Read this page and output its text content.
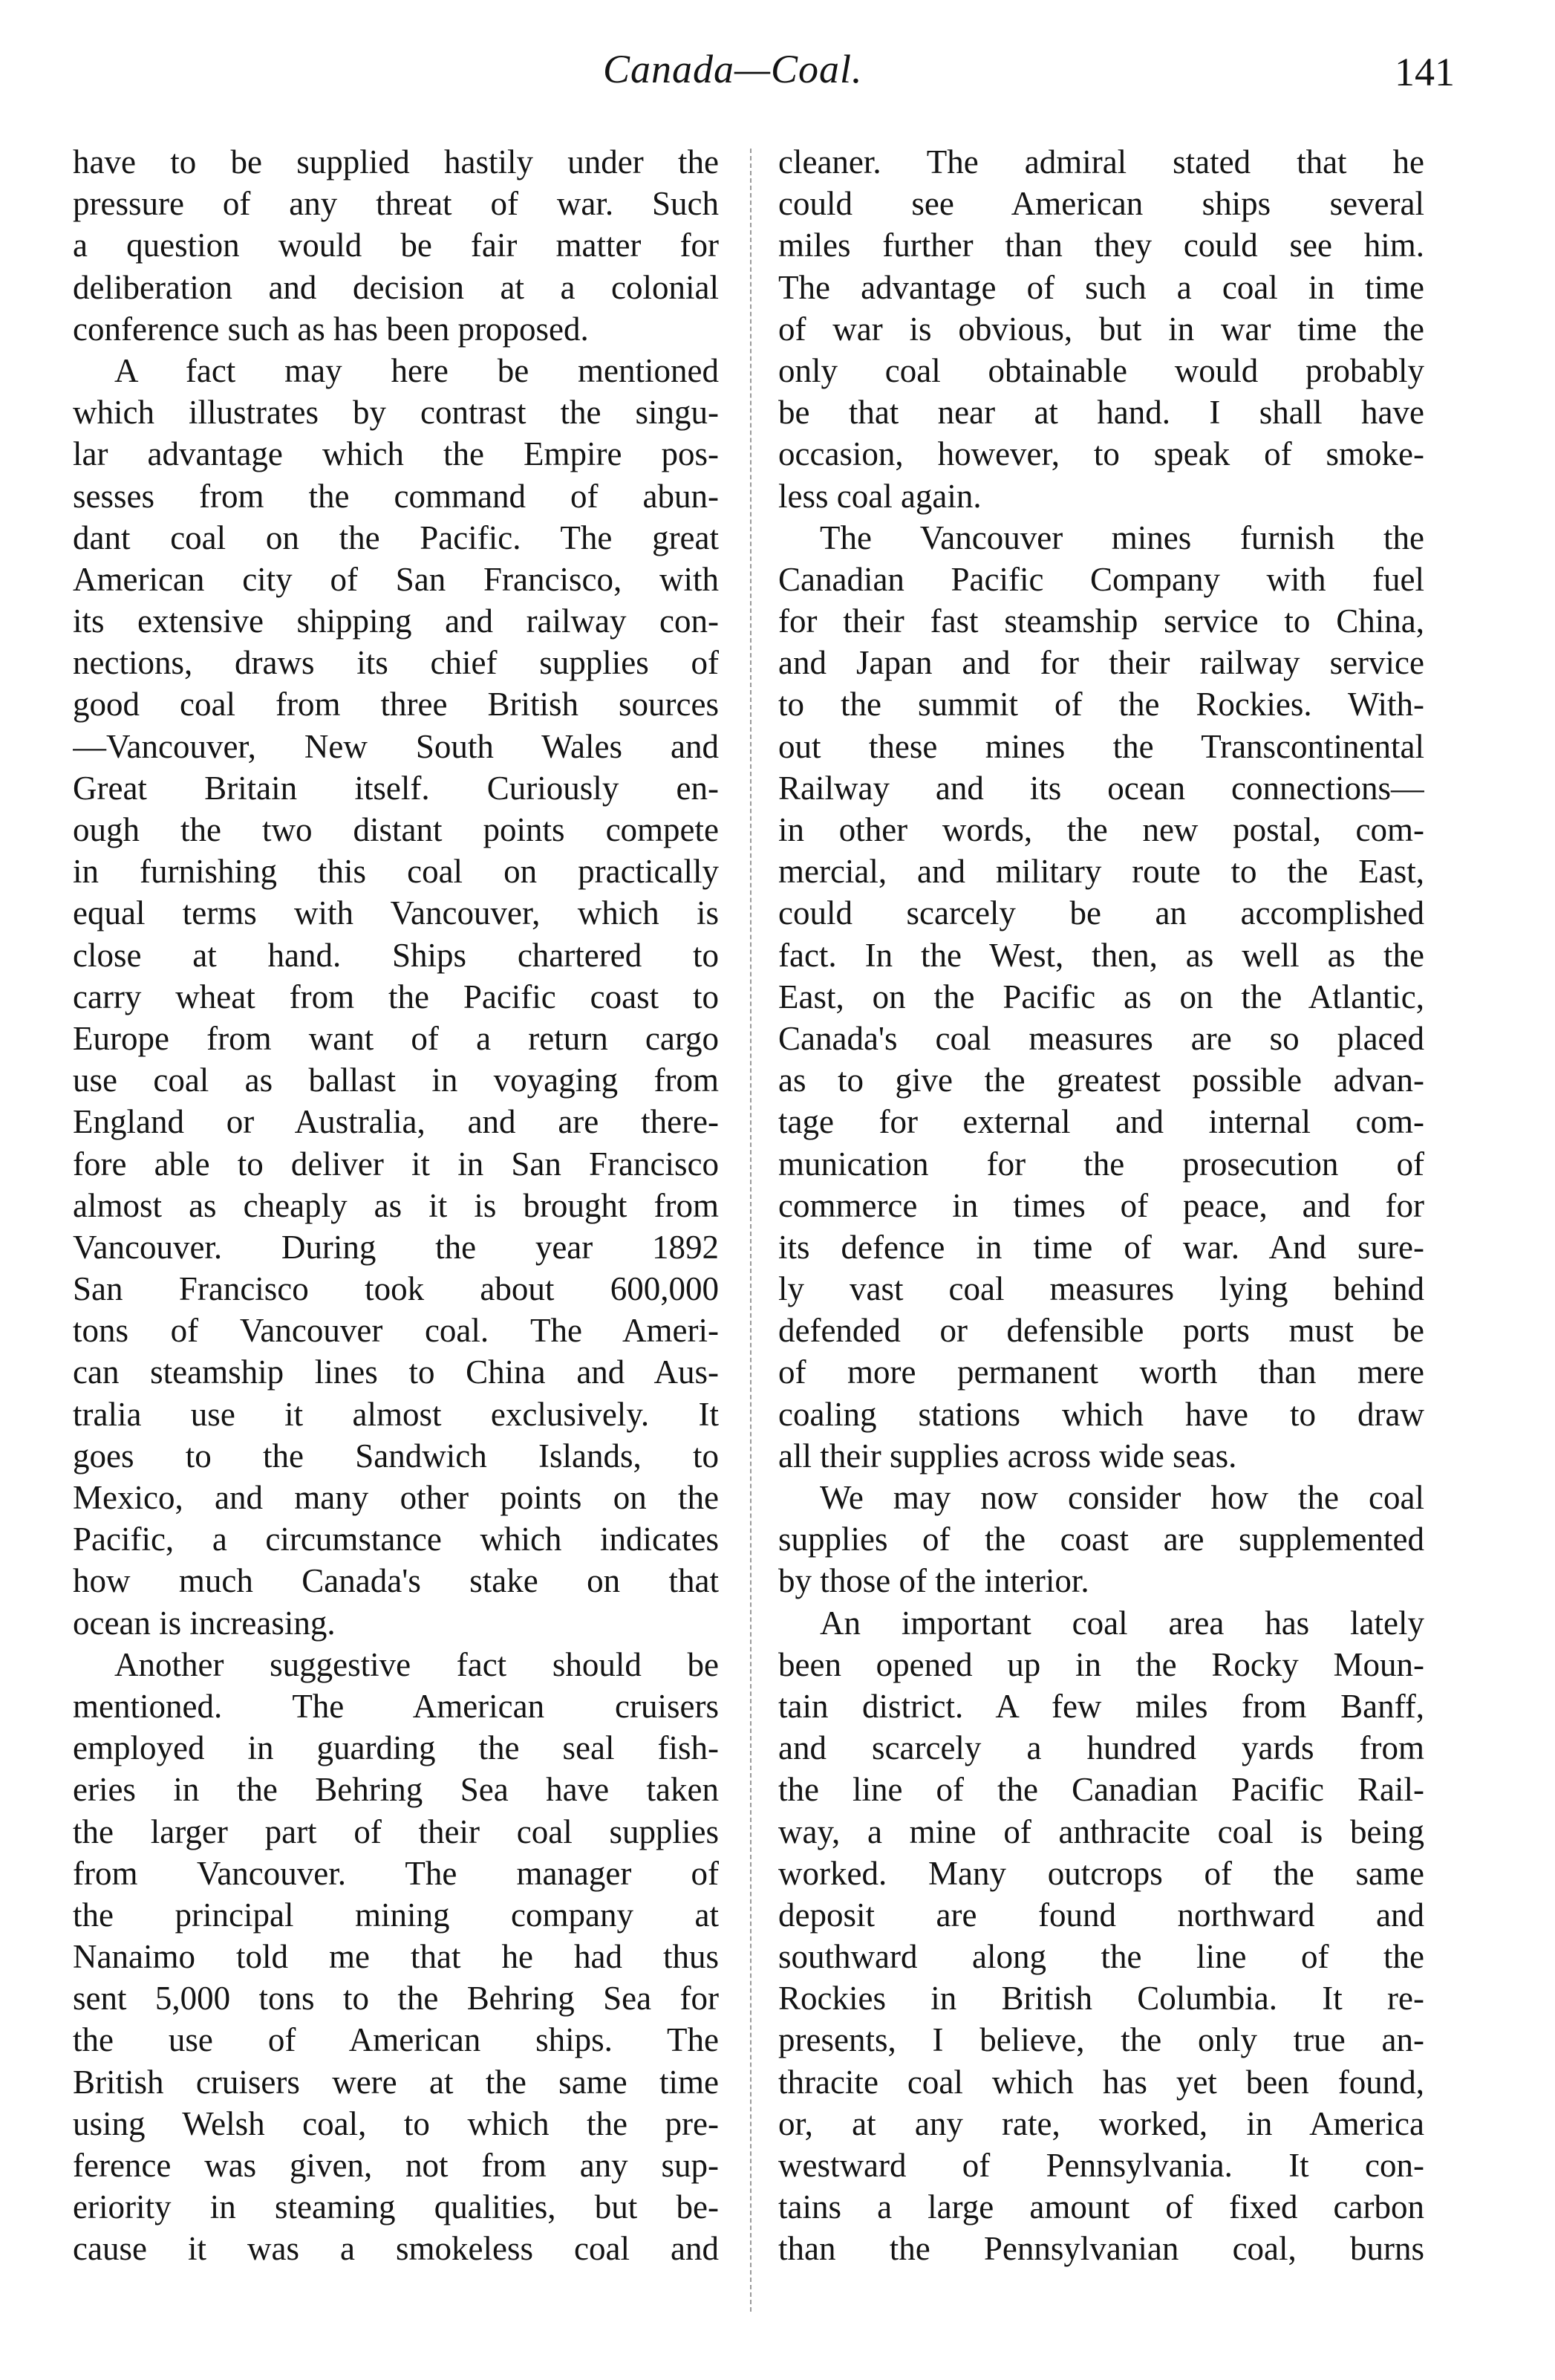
Canada—Coal.	141
have to be supplied hastily under the
pressure of any threat of war. Such
a question would be fair matter for
deliberation and decision at a colonial
conference such as has been proposed.
A fact may here be mentioned
which illustrates by contrast the singu-
lar advantage which the Empire pos-
sesses from the command of abun-
dant coal on the Pacific. The great
American city of San Francisco, with
its extensive shipping and railway con-
nections, draws its chief supplies of
good coal from three British sources
—Vancouver, New South Wales and
Great Britain itself. Curiously en-
ough the two distant points compete
in furnishing this coal on practically
equal terms with Vancouver, which is
close at hand. Ships chartered to
carry wheat from the Pacific coast to
Europe from want of a return cargo
use coal as ballast in voyaging from
England or Australia, and are there-
fore able to deliver it in San Francisco
almost as cheaply as it is brought from
Vancouver. During the year 1892
San Francisco took about 600,000
tons of Vancouver coal. The Ameri-
can steamship lines to China and Aus-
tralia use it almost exclusively. It
goes to the Sandwich Islands, to
Mexico, and many other points on the
Pacific, a circumstance which indicates
how much Canada's stake on that
ocean is increasing.
Another suggestive fact should be
mentioned. The American cruisers
employed in guarding the seal fish-
eries in the Behring Sea have taken
the larger part of their coal supplies
from Vancouver. The manager of
the principal mining company at
Nanaimo told me that he had thus
sent 5,000 tons to the Behring Sea for
the use of American ships. The
British cruisers were at the same time
using Welsh coal, to which the pre-
ference was given, not from any sup-
eriority in steaming qualities, but be-
cause it was a smokeless coal and
cleaner. The admiral stated that he
could see American ships several
miles further than they could see him.
The advantage of such a coal in time
of war is obvious, but in war time the
only coal obtainable would probably
be that near at hand. I shall have
occasion, however, to speak of smoke-
less coal again.
The Vancouver mines furnish the
Canadian Pacific Company with fuel
for their fast steamship service to China,
and Japan and for their railway service
to the summit of the Rockies. With-
out these mines the Transcontinental
Railway and its ocean connections—
in other words, the new postal, com-
mercial, and military route to the East,
could scarcely be an accomplished
fact. In the West, then, as well as the
East, on the Pacific as on the Atlantic,
Canada's coal measures are so placed
as to give the greatest possible advan-
tage for external and internal com-
munication for the prosecution of
commerce in times of peace, and for
its defence in time of war. And sure-
ly vast coal measures lying behind
defended or defensible ports must be
of more permanent worth than mere
coaling stations which have to draw
all their supplies across wide seas.
We may now consider how the coal
supplies of the coast are supplemented
by those of the interior.
An important coal area has lately
been opened up in the Rocky Moun-
tain district. A few miles from Banff,
and scarcely a hundred yards from
the line of the Canadian Pacific Rail-
way, a mine of anthracite coal is being
worked. Many outcrops of the same
deposit are found northward and
southward along the line of the
Rockies in British Columbia. It re-
presents, I believe, the only true an-
thracite coal which has yet been found,
or, at any rate, worked, in America
westward of Pennsylvania. It con-
tains a large amount of fixed carbon
than the Pennsylvanian coal, burns
